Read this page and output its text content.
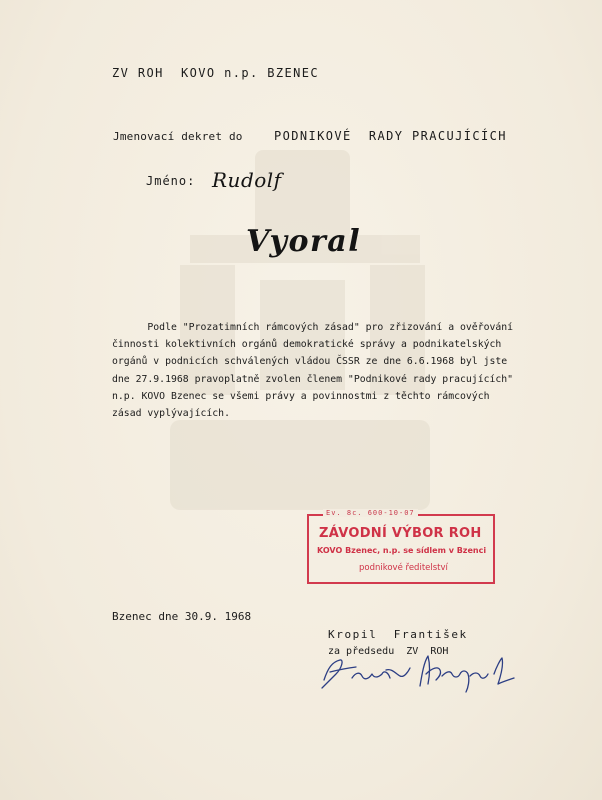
ZV ROH  KOVO n.p. BZENEC
Jmenovací dekret do	PODNIKOVÉ  RADY PRACUJÍCÍCH
Jméno: Rudolf
Vyoral
Podle "Prozatimních rámcových zásad" pro zřizování a ověřování
činnosti kolektivních orgánů demokratické správy a podnikatelských
orgánů v podnicích schválených vládou ČSSR ze dne 6.6.1968 byl jste
dne 27.9.1968 pravoplatně zvolen členem "Podnikové rady pracujících"
n.p. KOVO Bzenec se všemi právy a povinnostmi z těchto rámcových
zásad vyplývajících.
Ev. 8c. 600-10-07
ZÁVODNÍ VÝBOR ROH
KOVO Bzenec, n.p. se sídlem v Bzenci
podnikové ředitelství
Bzenec dne 30.9. 1968
Kropil  František
za předsedu  ZV  ROH
